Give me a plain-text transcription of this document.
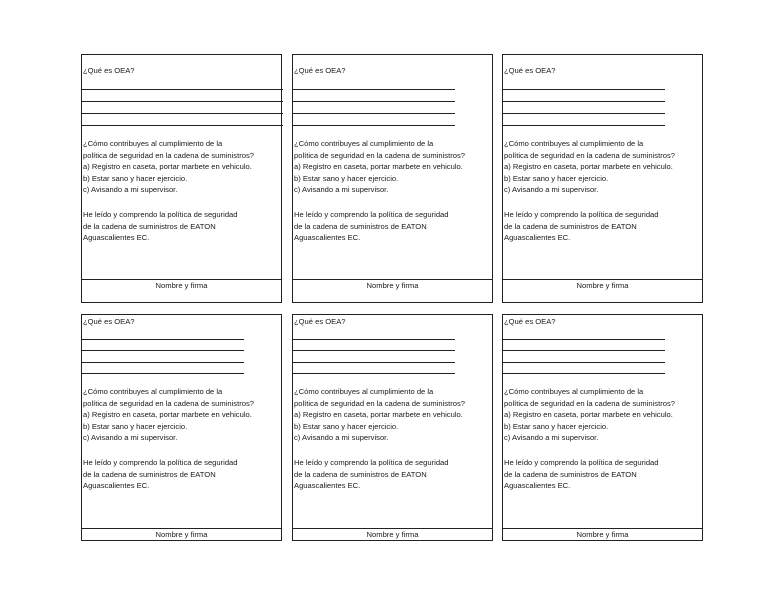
¿Qué es OEA?
¿Cómo contribuyes al cumplimiento de la
política de seguridad en la cadena de suministros?
a) Registro en caseta, portar marbete en vehiculo.
b) Estar sano y hacer ejercicio.
c) Avisando a mi supervisor.
He leído y comprendo la política de seguridad
de la cadena de suministros de EATON
Aguascalientes EC.
Nombre y firma
¿Qué es OEA?
¿Cómo contribuyes al cumplimiento de la
política de seguridad en la cadena de suministros?
a) Registro en caseta, portar marbete en vehiculo.
b) Estar sano y hacer ejercicio.
c) Avisando a mi supervisor.
He leído y comprendo la política de seguridad
de la cadena de suministros de EATON
Aguascalientes EC.
Nombre y firma
¿Qué es OEA?
¿Cómo contribuyes al cumplimiento de la
política de seguridad en la cadena de suministros?
a) Registro en caseta, portar marbete en vehiculo.
b) Estar sano y hacer ejercicio.
c) Avisando a mi supervisor.
He leído y comprendo la política de seguridad
de la cadena de suministros de EATON
Aguascalientes EC.
Nombre y firma
¿Qué es OEA?
¿Cómo contribuyes al cumplimiento de la
política de seguridad en la cadena de suministros?
a) Registro en caseta, portar marbete en vehiculo.
b) Estar sano y hacer ejercicio.
c) Avisando a mi supervisor.
He leído y comprendo la política de seguridad
de la cadena de suministros de EATON
Aguascalientes EC.
Nombre y firma
¿Qué es OEA?
¿Cómo contribuyes al cumplimiento de la
política de seguridad en la cadena de suministros?
a) Registro en caseta, portar marbete en vehiculo.
b) Estar sano y hacer ejercicio.
c) Avisando a mi supervisor.
He leído y comprendo la política de seguridad
de la cadena de suministros de EATON
Aguascalientes EC.
Nombre y firma
¿Qué es OEA?
¿Cómo contribuyes al cumplimiento de la
política de seguridad en la cadena de suministros?
a) Registro en caseta, portar marbete en vehiculo.
b) Estar sano y hacer ejercicio.
c) Avisando a mi supervisor.
He leído y comprendo la política de seguridad
de la cadena de suministros de EATON
Aguascalientes EC.
Nombre y firma
